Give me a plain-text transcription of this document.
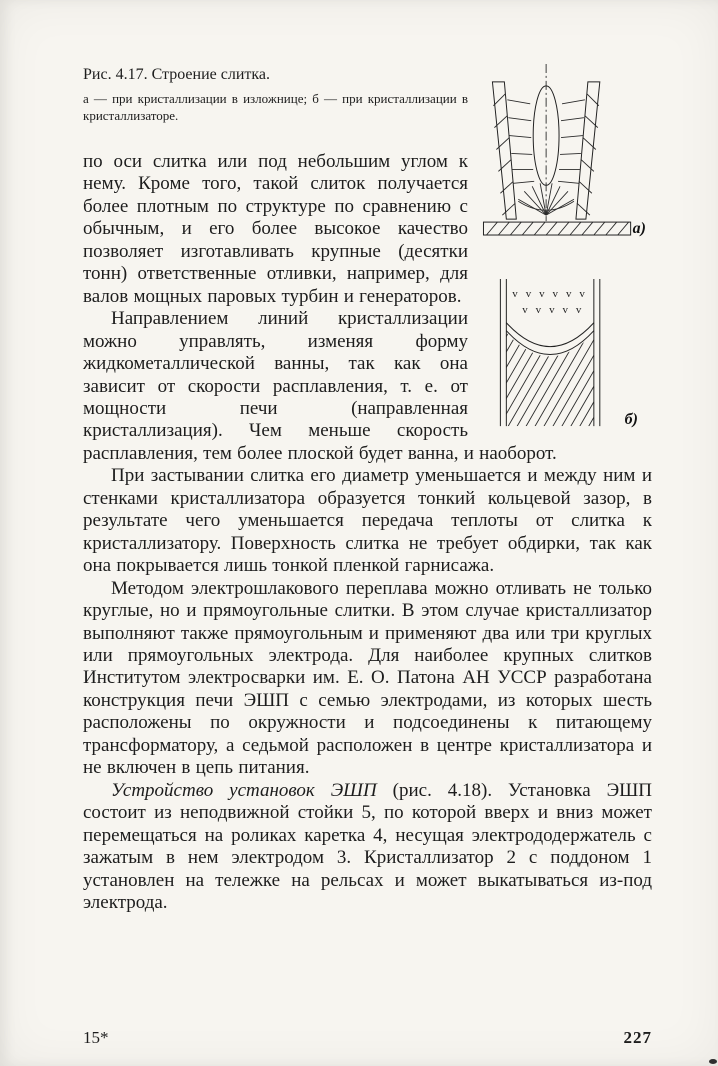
а)
vvvvvv
vvvvv
б)
Рис. 4.17. Строение слитка.
а — при кристаллизации в изложнице; б — при кристаллизации в кристаллизаторе.

по оси слитка или под небольшим углом к нему. Кроме того, такой слиток получается более плотным по структуре по сравнению с обычным, и его более высокое качество позволяет изготавливать крупные (десятки тонн) ответственные отливки, например, для валов мощных паровых турбин и генераторов.

Направлением линий кристаллизации можно управлять, изменяя форму жидкометаллической ванны, так как она зависит от скорости расплавления, т. е. от мощности печи (направленная кристаллизация). Чем меньше скорость расплавления, тем более плоской будет ванна, и наоборот.

При застывании слитка его диаметр уменьшается и между ним и стенками кристаллизатора образуется тонкий кольцевой зазор, в результате чего уменьшается передача теплоты от слитка к кристаллизатору. Поверхность слитка не требует обдирки, так как она покрывается лишь тонкой пленкой гарнисажа.

Методом электрошлакового переплава можно отливать не только круглые, но и прямоугольные слитки. В этом случае кристаллизатор выполняют также прямоугольным и применяют два или три круглых или прямоугольных электрода. Для наиболее крупных слитков Институтом электросварки им. Е. О. Патона АН УССР разработана конструкция печи ЭШП с семью электродами, из которых шесть расположены по окружности и подсоединены к питающему трансформатору, а седьмой расположен в центре кристаллизатора и не включен в цепь питания.

Устройство установок ЭШП (рис. 4.18). Установка ЭШП состоит из неподвижной стойки 5, по которой вверх и вниз может перемещаться на роликах каретка 4, несущая электрододержатель с зажатым в нем электродом 3. Кристаллизатор 2 с поддоном 1 установлен на тележке на рельсах и может выкатываться из-под электрода.

15*	227
